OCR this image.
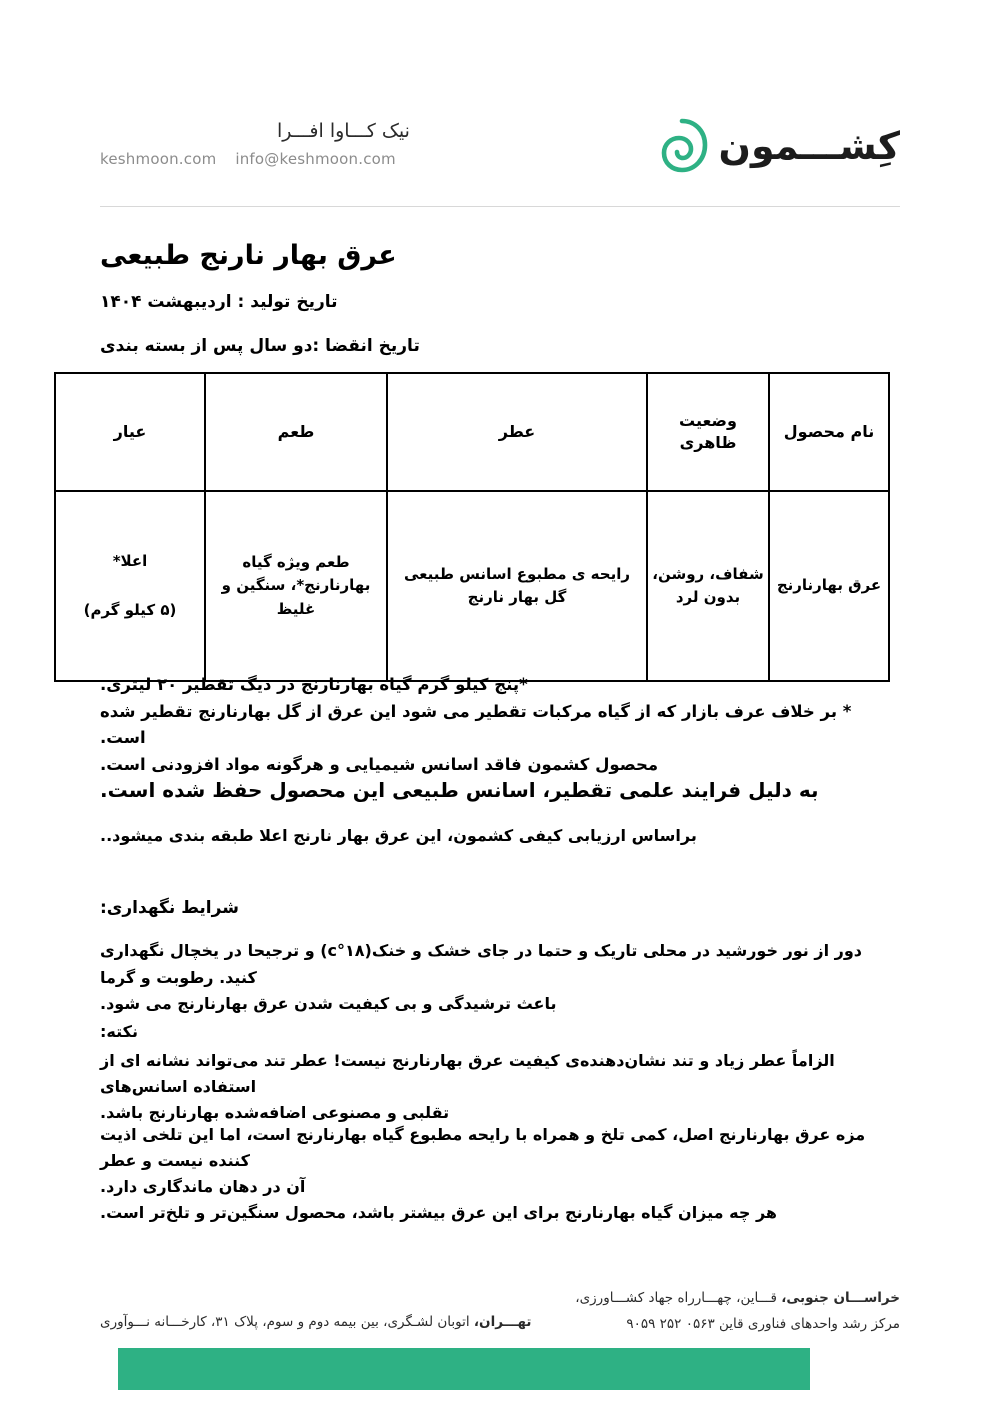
کِشـــمون
نیک کـــاوا افـــرا
keshmoon.com info@keshmoon.com
عرق بهار نارنج طبیعی
تاریخ تولید : اردیبهشت ۱۴۰۴
تاریخ انقضا :دو سال پس از بسته بندی
نام محصول	وضعیت ظاهری	عطر	طعم	عیار
عرق بهارنارنج	شفاف، روشن، بدون لرد	رایحه ی مطبوع اسانس طبیعی گل بهار نارنج	طعم ویژه گیاه بهارنارنج*، سنگین و غلیظ	اعلا*
(۵ کیلو گرم)

*پنج کیلو گرم گیاه بهارنارنج در دیگ تقطیر ۲۰ لیتری.

* بر خلاف عرف بازار که از گیاه مرکبات تقطیر می شود این عرق از گل بهارنارنج تقطیر شده است.

محصول کشمون فاقد اسانس شیمیایی و هرگونه مواد افزودنی است.

به دلیل فرایند علمی تقطیر، اسانس طبیعی این محصول حفظ شده است.
براساس ارزیابی کیفی کشمون، این عرق بهار نارنج اعلا طبقه بندی میشود..
شرایط نگهداری:

دور از نور خورشید در محلی تاریک و حتما در جای خشک و خنک(۱۸°c) و ترجیحا در یخچال نگهداری کنید. رطوبت و گرما

باعث ترشیدگی و بی کیفیت شدن عرق بهارنارنج می شود.

نکته:

الزاماً عطر زیاد و تند نشان‌دهنده‌ی کیفیت عرق بهارنارنج نیست! عطر تند می‌تواند نشانه ای از استفاده اسانس‌های

تقلبی و مصنوعی اضافه‌شده بهارنارنج باشد.

مزه عرق بهارنارنج اصل، کمی تلخ و همراه با رایحه مطبوع گیاه بهارنارنج است، اما این تلخی اذیت کننده نیست و عطر

آن در دهان ماندگاری دارد.

هر چه میزان گیاه بهارنارنج برای این عرق بیشتر باشد، محصول سنگین‌تر و تلخ‌تر است.

خراســـان جنوبی، قـــاین، چهـــارراه جهاد کشـــاورزی،
مرکز رشد واحدهای فناوری قاین ۰۵۶۳ ۲۵۲ ۹۰۵۹
تهـــران، اتوبان لشـگری، بین بیمه دوم و سوم، پلاک ۳۱، کارخـــانه نـــوآوری
